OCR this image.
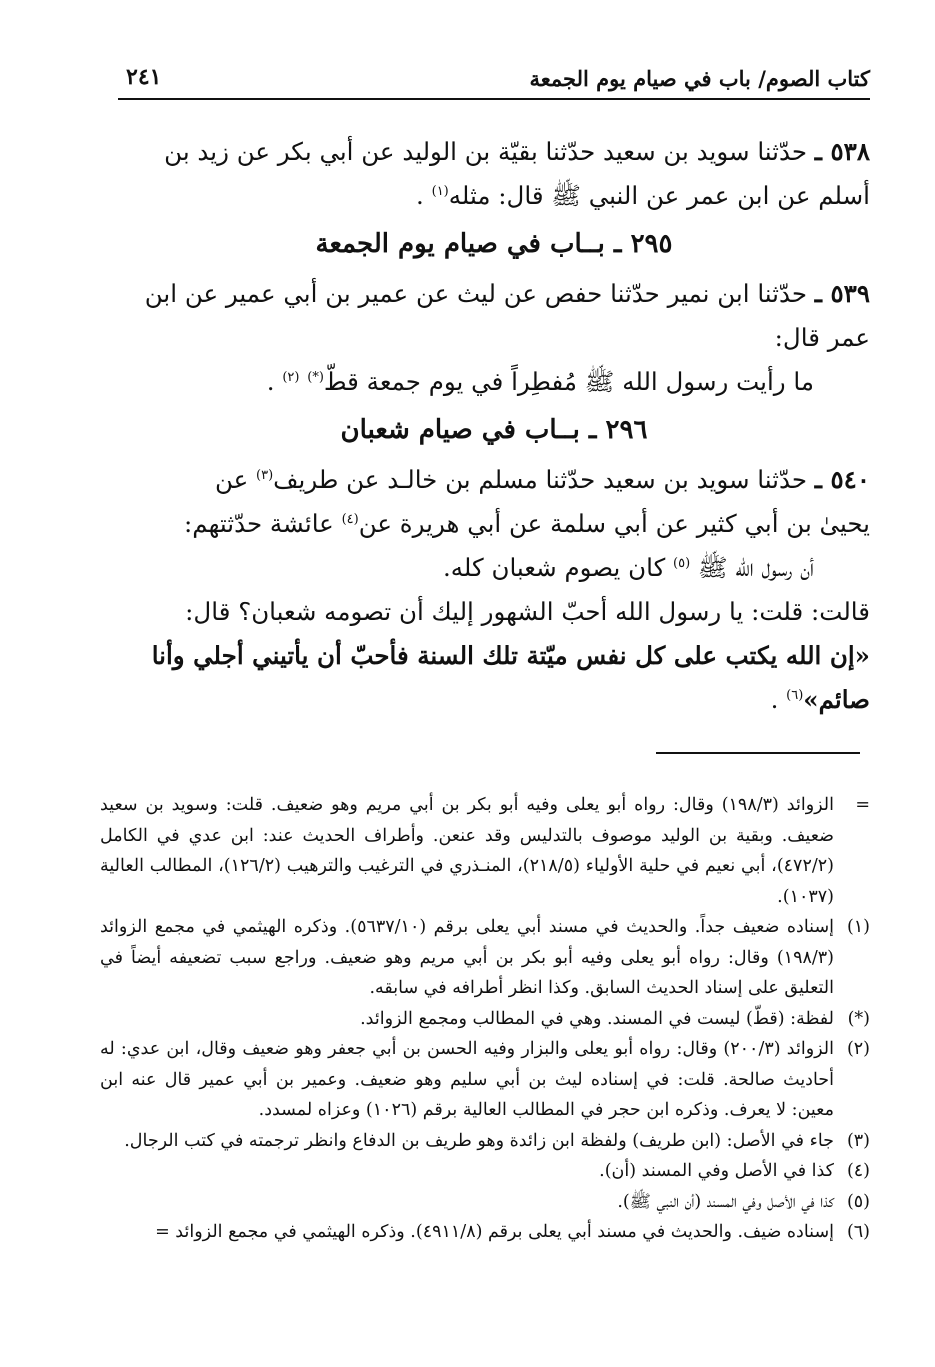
كتاب الصوم/ باب في صيام يوم الجمعة
٢٤١

٥٣٨ ـ حدّثنا سويد بن سعيد حدّثنا بقيّة بن الوليد عن أبي بكر عن زيد بن

أسلم عن ابن عمر عن النبي ﷺ قال: مثله$^{(١)}$ .

٢٩٥ ـ بــاب في صيام يوم الجمعة

٥٣٩ ـ حدّثنا ابن نمير حدّثنا حفص عن ليث عن عمير بن أبي عمير عن ابن

عمر قال:

ما رأيت رسول الله ﷺ مُفطِراً في يوم جمعة قطّ(*) $^{(٢)}$ .

٢٩٦ ـ بــاب في صيام شعبان

٥٤٠ ـ حدّثنا سويد بن سعيد حدّثنا مسلم بن خالـد عن طريف$^{(٣)}$ عن

يحيىٰ بن أبي كثير عن أبي سلمة عن أبي هريرة عن$^{(٤)}$ عائشة حدّثتهم:

أن رسول الله ﷺ $^{(٥)}$ كان يصوم شعبان كله.

قالت: قلت: يا رسول الله أحبّ الشهور إليك أن تصومه شعبان؟ قال:

«إن الله يكتب على كل نفس ميّتة تلك السنة فأحبّ أن يأتيني أجلي وأنا

صائم»$^{(٦)}$ .

=
الزوائد (١٩٨/٣) وقال: رواه أبو يعلى وفيه أبو بكر بن أبي مريم وهو ضعيف. قلت: وسويد بن سعيد ضعيف. وبقية بن الوليد موصوف بالتدليس وقد عنعن. وأطراف الحديث عند: ابن عدي في الكامل (٤٧٢/٢)، أبي نعيم في حلية الأولياء (٢١٨/٥)، المنـذري في الترغيب والترهيب (١٢٦/٢)، المطالب العالية (١٠٣٧).

(١)
إسناده ضعيف جداً. والحديث في مسند أبي يعلى برقم (٥٦٣٧/١٠). وذكره الهيثمي في مجمع الزوائد (١٩٨/٣) وقال: رواه أبو يعلى وفيه أبو بكر بن أبي مريم وهو ضعيف. وراجع سبب تضعيفه أيضاً في التعليق على إسناد الحديث السابق. وكذا انظر أطرافه في سابقه.

(*)
لفظة: (قطّ) ليست في المسند. وهي في المطالب ومجمع الزوائد.

(٢)
الزوائد (٢٠٠/٣) وقال: رواه أبو يعلى والبزار وفيه الحسن بن أبي جعفر وهو ضعيف وقال، ابن عدي: له أحاديث صالحة. قلت: في إسناده ليث بن أبي سليم وهو ضعيف. وعمير بن أبي عمير قال عنه ابن معين: لا يعرف. وذكره ابن حجر في المطالب العالية برقم (١٠٢٦) وعزاه لمسدد.

(٣)
جاء في الأصل: (ابن طريف) ولفظة ابن زائدة وهو طريف بن الدفاع وانظر ترجمته في كتب الرجال.

(٤)
كذا في الأصل وفي المسند (أن).

(٥)
كذا في الأصل وفي المسند (أن النبي ﷺ).

(٦)
إسناده ضيف. والحديث في مسند أبي يعلى برقم (٤٩١١/٨). وذكره الهيثمي في مجمع الزوائد =
